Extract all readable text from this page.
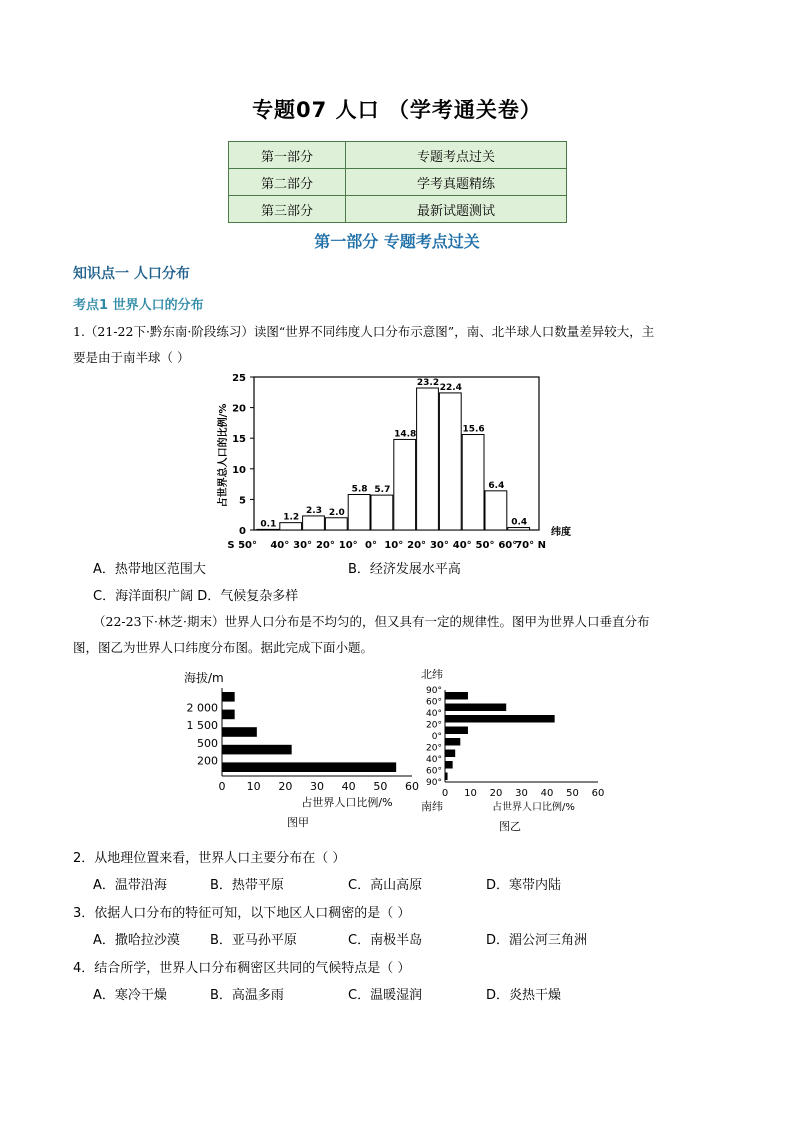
专题07 人口 （学考通关卷）
第一部分	专题考点过关
第二部分	学考真题精练
第三部分	最新试题测试
第一部分 专题考点过关
知识点一 人口分布
考点1 世界人口的分布
1.（21-22下·黔东南·阶段练习）读图“世界不同纬度人口分布示意图”，南、北半球人口数量差异较大，主
要是由于南半球（ ）
0
5
10
15
20
25
0.1
1.2
2.3 2.0
5.8 5.7
14.8
23.2 22.4
15.6
6.4
0.4
S 50° 40° 30° 20° 10° 0° 10° 20° 30° 40° 50° 60°
70° N
纬度
占世界总人口的比例/%
A．热带地区范围大	B．经济发展水平高
C．海洋面积广阔 D．气候复杂多样
（22-23下·林芝·期末）世界人口分布是不均匀的，但又具有一定的规律性。图甲为世界人口垂直分布
图，图乙为世界人口纬度分布图。据此完成下面小题。
海拔/m
2 000
1 500
500
200
0 10 20 30 40 50 60
占世界人口比例/%
图甲
北纬
90°
60°
40°
20°
0°
20°
40°
60°
90°
0 10 20 30 40 50 60
南纬	占世界人口比例/%
图乙
2．从地理位置来看，世界人口主要分布在（ ）
A．温带沿海	B．热带平原	C．高山高原	D．寒带内陆
3．依据人口分布的特征可知，以下地区人口稠密的是（ ）
A．撒哈拉沙漠 B．亚马孙平原	C．南极半岛	D．湄公河三角洲
4．结合所学，世界人口分布稠密区共同的气候特点是（ ）
A．寒冷干燥	B．高温多雨	C．温暖湿润	D．炎热干燥
